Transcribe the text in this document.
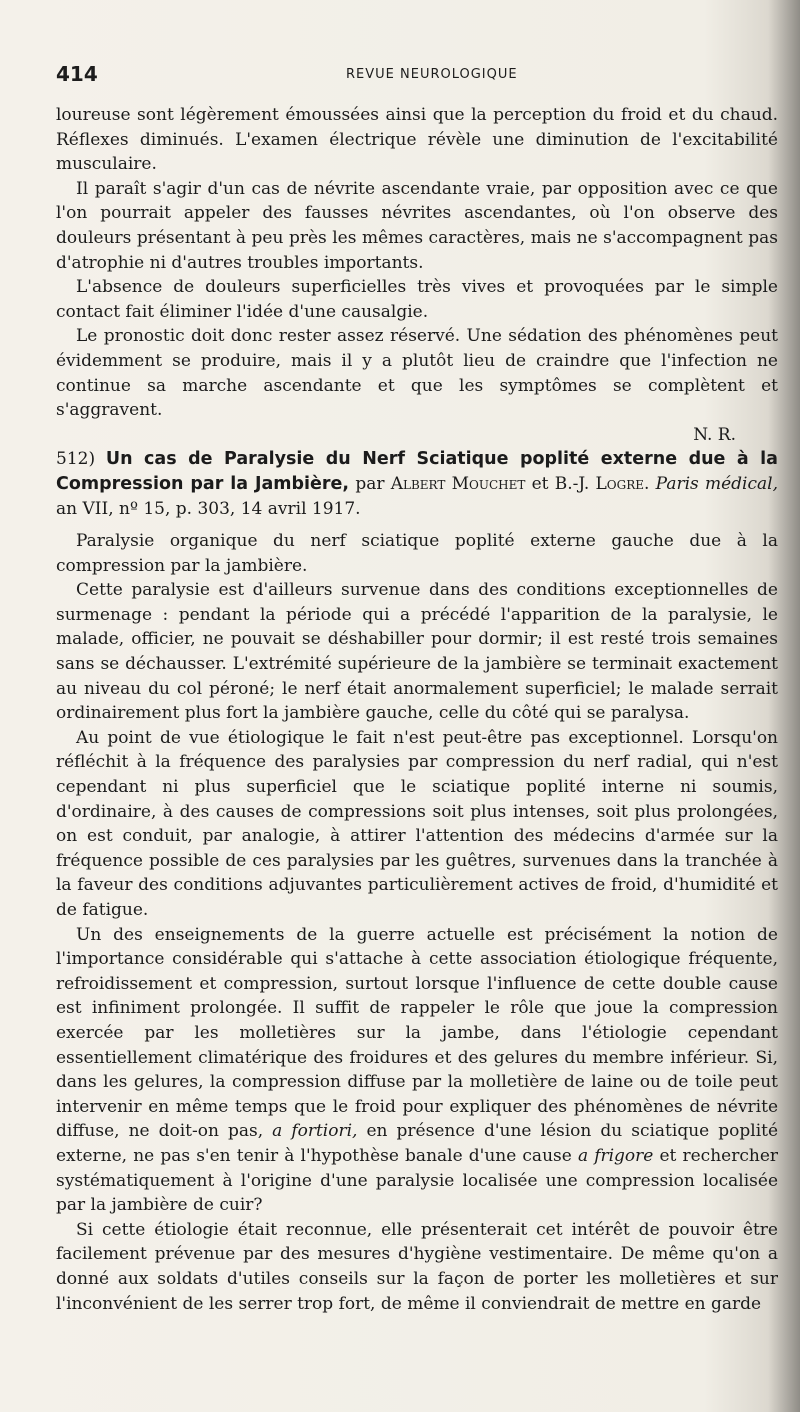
414	REVUE NEUROLOGIQUE

loureuse sont légèrement émoussées ainsi que la perception du froid et du chaud. Réflexes diminués. L'examen électrique révèle une diminution de l'excitabilité musculaire.

Il paraît s'agir d'un cas de névrite ascendante vraie, par opposition avec ce que l'on pourrait appeler des fausses névrites ascendantes, où l'on observe des douleurs présentant à peu près les mêmes caractères, mais ne s'accompagnent pas d'atrophie ni d'autres troubles importants.

L'absence de douleurs superficielles très vives et provoquées par le simple contact fait éliminer l'idée d'une causalgie.

Le pronostic doit donc rester assez réservé. Une sédation des phénomènes peut évidemment se produire, mais il y a plutôt lieu de craindre que l'infection ne continue sa marche ascendante et que les symptômes se complètent et s'aggravent.

N. R.

512) Un cas de Paralysie du Nerf Sciatique poplité externe due à la Compression par la Jambière, par Albert Mouchet et B.-J. Logre. Paris médical, an VII, nº 15, p. 303, 14 avril 1917.

Paralysie organique du nerf sciatique poplité externe gauche due à la compression par la jambière.

Cette paralysie est d'ailleurs survenue dans des conditions exceptionnelles de surmenage : pendant la période qui a précédé l'apparition de la paralysie, le malade, officier, ne pouvait se déshabiller pour dormir; il est resté trois semaines sans se déchausser. L'extrémité supérieure de la jambière se terminait exactement au niveau du col péroné; le nerf était anormalement superficiel; le malade serrait ordinairement plus fort la jambière gauche, celle du côté qui se paralysa.

Au point de vue étiologique le fait n'est peut-être pas exceptionnel. Lorsqu'on réfléchit à la fréquence des paralysies par compression du nerf radial, qui n'est cependant ni plus superficiel que le sciatique poplité interne ni soumis, d'ordinaire, à des causes de compressions soit plus intenses, soit plus prolongées, on est conduit, par analogie, à attirer l'attention des médecins d'armée sur la fréquence possible de ces paralysies par les guêtres, survenues dans la tranchée à la faveur des conditions adjuvantes particulièrement actives de froid, d'humidité et de fatigue.

Un des enseignements de la guerre actuelle est précisément la notion de l'importance considérable qui s'attache à cette association étiologique fréquente, refroidissement et compression, surtout lorsque l'influence de cette double cause est infiniment prolongée. Il suffit de rappeler le rôle que joue la compression exercée par les molletières sur la jambe, dans l'étiologie cependant essentiellement climatérique des froidures et des gelures du membre inférieur. Si, dans les gelures, la compression diffuse par la molletière de laine ou de toile peut intervenir en même temps que le froid pour expliquer des phénomènes de névrite diffuse, ne doit-on pas, a fortiori, en présence d'une lésion du sciatique poplité externe, ne pas s'en tenir à l'hypothèse banale d'une cause a frigore et rechercher systématiquement à l'origine d'une paralysie localisée une compression localisée par la jambière de cuir?

Si cette étiologie était reconnue, elle présenterait cet intérêt de pouvoir être facilement prévenue par des mesures d'hygiène vestimentaire. De même qu'on a donné aux soldats d'utiles conseils sur la façon de porter les molletières et sur l'inconvénient de les serrer trop fort, de même il conviendrait de mettre en garde
